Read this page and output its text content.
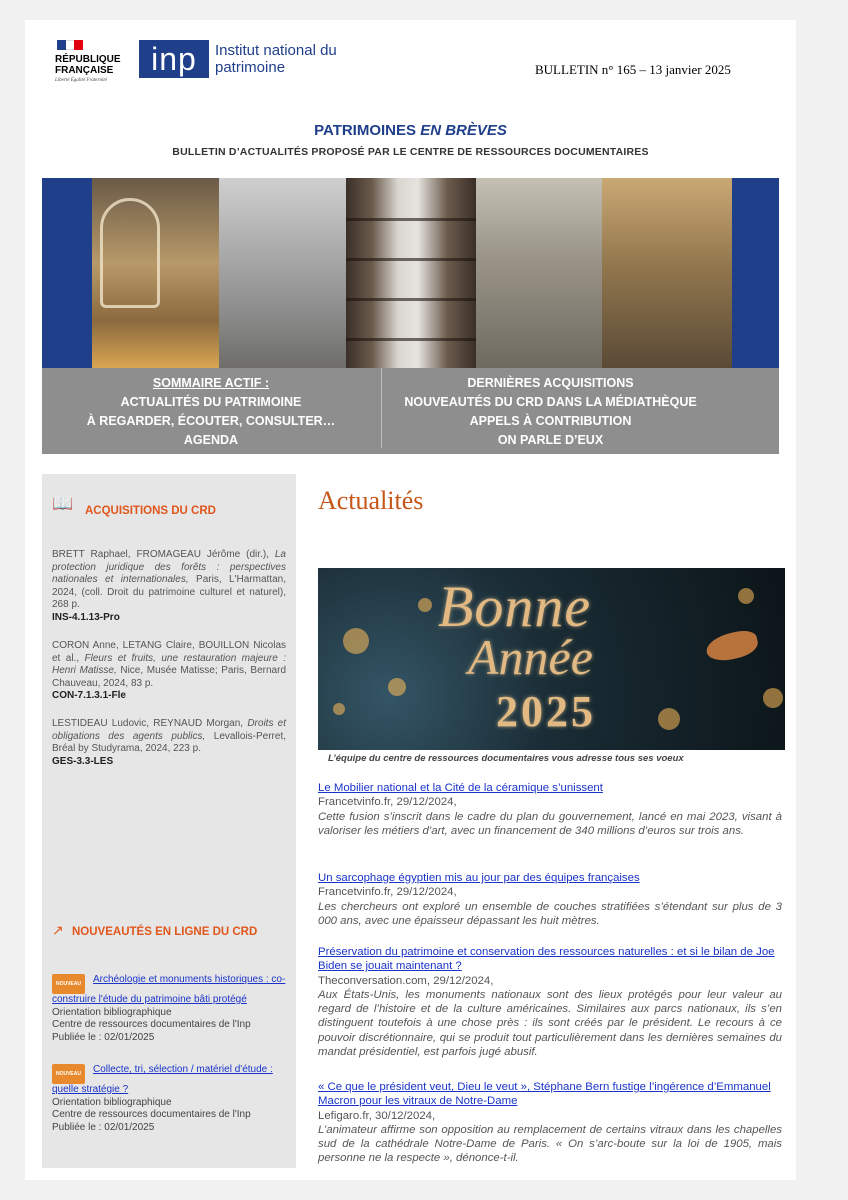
RÉPUBLIQUE FRANÇAISE
Liberté Égalité Fraternité
inp	Institut national du patrimoine	BULLETIN n° 165 – 13 janvier 2025
PATRIMOINES EN BRÈVES
BULLETIN D’ACTUALITÉS PROPOSÉ PAR LE CENTRE DE RESSOURCES DOCUMENTAIRES
SOMMAIRE ACTIF :
ACTUALITÉS DU PATRIMOINE
À REGARDER, ÉCOUTER, CONSULTER…
AGENDA
DERNIÈRES ACQUISITIONS
NOUVEAUTÉS DU CRD DANS LA MÉDIATHÈQUE
APPELS À CONTRIBUTION
ON PARLE D’EUX
📖 ACQUISITIONS DU CRD
BRETT Raphael, FROMAGEAU Jérôme (dir.), La protection juridique des forêts : perspectives nationales et internationales, Paris, L'Harmattan, 2024, (coll. Droit du patrimoine culturel et naturel), 268 p.
INS-4.1.13-Pro
CORON Anne, LETANG Claire, BOUILLON Nicolas et al., Fleurs et fruits, une restauration majeure : Henri Matisse, Nice, Musée Matisse; Paris, Bernard Chauveau, 2024, 83 p.
CON-7.1.3.1-Fle
LESTIDEAU Ludovic, REYNAUD Morgan, Droits et obligations des agents publics, Levallois-Perret, Bréal by Studyrama, 2024, 223 p.
GES-3.3-LES
↗ NOUVEAUTÉS EN LIGNE DU CRD
NOUVEAU Archéologie et monuments historiques : co-construire l'étude du patrimoine bâti protégé
Orientation bibliographique
Centre de ressources documentaires de l'Inp
Publiée le : 02/01/2025
NOUVEAU Collecte, tri, sélection / matériel d'étude : quelle stratégie ?
Orientation bibliographique
Centre de ressources documentaires de l'Inp
Publiée le : 02/01/2025
Actualités
Bonne
Année
2025
L’équipe du centre de ressources documentaires vous adresse tous ses voeux
Le Mobilier national et la Cité de la céramique s’unissent
Francetvinfo.fr, 29/12/2024,
Cette fusion s’inscrit dans le cadre du plan du gouvernement, lancé en mai 2023, visant à valoriser les métiers d’art, avec un financement de 340 millions d’euros sur trois ans.
Un sarcophage égyptien mis au jour par des équipes françaises
Francetvinfo.fr, 29/12/2024,
Les chercheurs ont exploré un ensemble de couches stratifiées s’étendant sur plus de 3 000 ans, avec une épaisseur dépassant les huit mètres.
Préservation du patrimoine et conservation des ressources naturelles : et si le bilan de Joe Biden se jouait maintenant ?
Theconversation.com, 29/12/2024,
Aux États-Unis, les monuments nationaux sont des lieux protégés pour leur valeur au regard de l’histoire et de la culture américaines. Similaires aux parcs nationaux, ils s’en distinguent toutefois à une chose près : ils sont créés par le président. Le recours à ce pouvoir discrétionnaire, qui se produit tout particulièrement dans les dernières semaines du mandat présidentiel, est parfois jugé abusif.
« Ce que le président veut, Dieu le veut », Stéphane Bern fustige l’ingérence d’Emmanuel Macron pour les vitraux de Notre-Dame
Lefigaro.fr, 30/12/2024,
L’animateur affirme son opposition au remplacement de certains vitraux dans les chapelles sud de la cathédrale Notre-Dame de Paris. « On s’arc-boute sur la loi de 1905, mais personne ne la respecte », dénonce-t-il.
